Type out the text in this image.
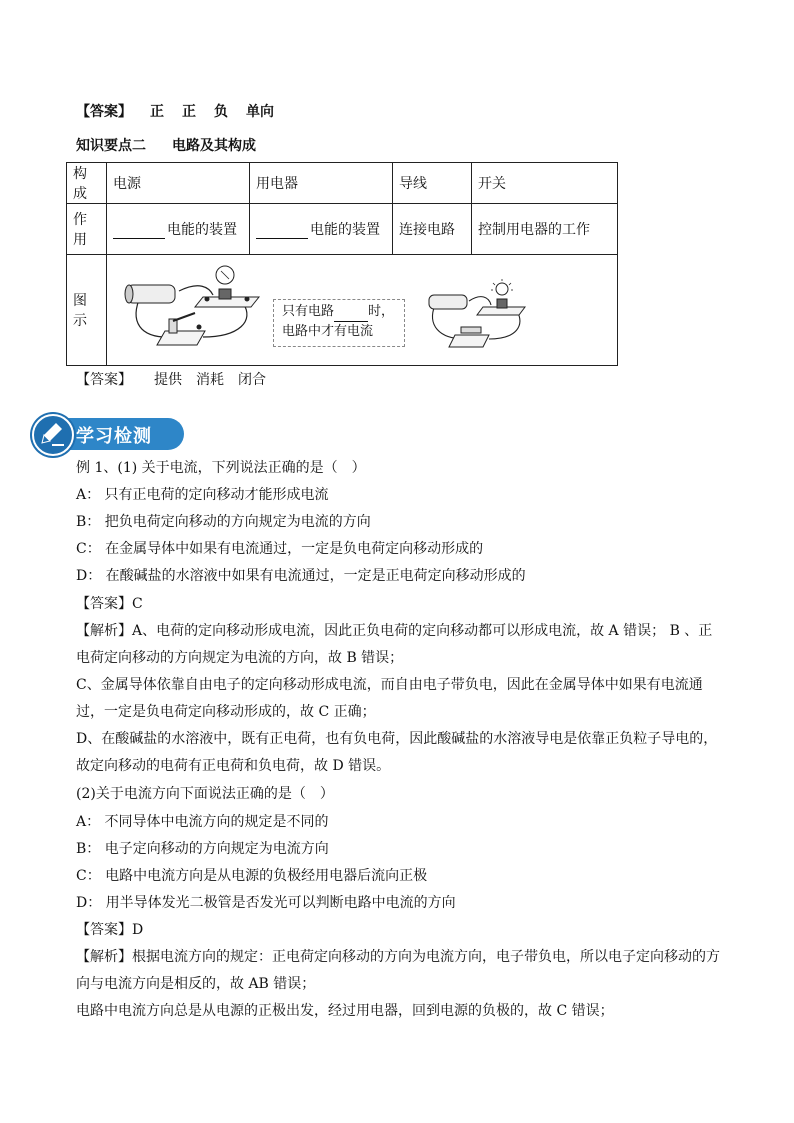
【答案】 正 正 负 单向
知识要点二 电路及其构成
构成	电源	用电器	导线	开关
作用	电能的装置	电能的装置	连接电路	控制用电器的工作
图示	只有电路 时，
电路中才有电流			
【答案】 提供 消耗 闭合
学习检测
例 1、(1) 关于电流，下列说法正确的是（　）
A： 只有正电荷的定向移动才能形成电流
B： 把负电荷定向移动的方向规定为电流的方向
C： 在金属导体中如果有电流通过，一定是负电荷定向移动形成的
D： 在酸碱盐的水溶液中如果有电流通过，一定是正电荷定向移动形成的
【答案】C
【解析】A、电荷的定向移动形成电流，因此正负电荷的定向移动都可以形成电流，故 A 错误； B 、正电荷定向移动的方向规定为电流的方向，故 B 错误；
C、金属导体依靠自由电子的定向移动形成电流，而自由电子带负电，因此在金属导体中如果有电流通过，一定是负电荷定向移动形成的，故 C 正确；
D、在酸碱盐的水溶液中，既有正电荷，也有负电荷，因此酸碱盐的水溶液导电是依靠正负粒子导电的，故定向移动的电荷有正电荷和负电荷，故 D 错误。
(2)关于电流方向下面说法正确的是（　）
A： 不同导体中电流方向的规定是不同的
B： 电子定向移动的方向规定为电流方向
C： 电路中电流方向是从电源的负极经用电器后流向正极
D： 用半导体发光二极管是否发光可以判断电路中电流的方向
【答案】D
【解析】根据电流方向的规定：正电荷定向移动的方向为电流方向，电子带负电，所以电子定向移动的方向与电流方向是相反的，故 AB 错误；
电路中电流方向总是从电源的正极出发，经过用电器，回到电源的负极的，故 C 错误；
